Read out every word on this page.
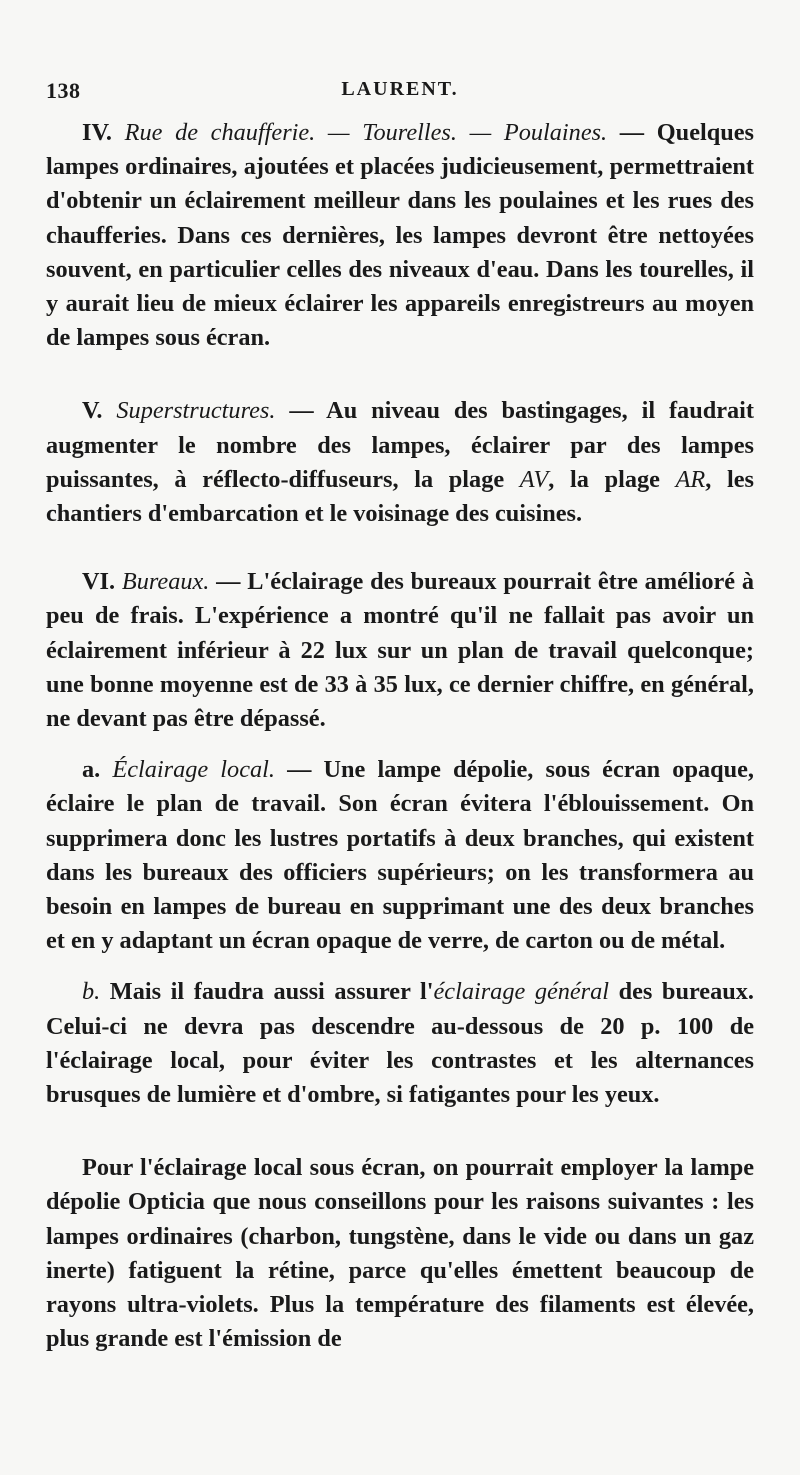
138	LAURENT.

IV. Rue de chaufferie. — Tourelles. — Poulaines. — Quelques lampes ordinaires, ajoutées et placées judicieusement, permettraient d'obtenir un éclairement meilleur dans les poulaines et les rues des chaufferies. Dans ces dernières, les lampes devront être nettoyées souvent, en particulier celles des niveaux d'eau. Dans les tourelles, il y aurait lieu de mieux éclairer les appareils enregistreurs au moyen de lampes sous écran.

V. Superstructures. — Au niveau des bastingages, il faudrait augmenter le nombre des lampes, éclairer par des lampes puissantes, à réflecto-diffuseurs, la plage AV, la plage AR, les chantiers d'embarcation et le voisinage des cuisines.

VI. Bureaux. — L'éclairage des bureaux pourrait être amélioré à peu de frais. L'expérience a montré qu'il ne fallait pas avoir un éclairement inférieur à 22 lux sur un plan de travail quelconque; une bonne moyenne est de 33 à 35 lux, ce dernier chiffre, en général, ne devant pas être dépassé.

a. Éclairage local. — Une lampe dépolie, sous écran opaque, éclaire le plan de travail. Son écran évitera l'éblouissement. On supprimera donc les lustres portatifs à deux branches, qui existent dans les bureaux des officiers supérieurs; on les transformera au besoin en lampes de bureau en supprimant une des deux branches et en y adaptant un écran opaque de verre, de carton ou de métal.

b. Mais il faudra aussi assurer l'éclairage général des bureaux. Celui-ci ne devra pas descendre au-dessous de 20 p. 100 de l'éclairage local, pour éviter les contrastes et les alternances brusques de lumière et d'ombre, si fatigantes pour les yeux.

Pour l'éclairage local sous écran, on pourrait employer la lampe dépolie Opticia que nous conseillons pour les raisons suivantes : les lampes ordinaires (charbon, tungstène, dans le vide ou dans un gaz inerte) fatiguent la rétine, parce qu'elles émettent beaucoup de rayons ultra-violets. Plus la température des filaments est élevée, plus grande est l'émission de
